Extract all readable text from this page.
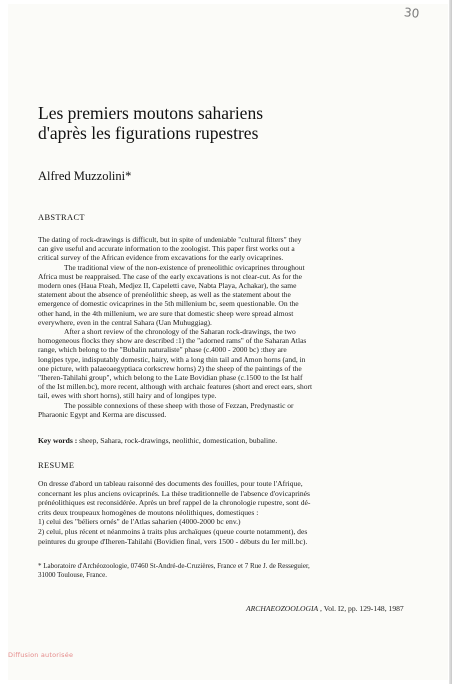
30
Les premiers moutons sahariens
d'après les figurations rupestres
Alfred Muzzolini*
ABSTRACT

The dating of rock-drawings is difficult, but in spite of undeniable "cultural filters" they
can give useful and accurate information to the zoologist. This paper first works out a
critical survey of the African evidence from excavations for the early ovicaprines.

The traditional view of the non-existence of preneolithic ovicaprines throughout
Africa must be reappraised. The case of the early excavations is not clear-cut. As for the
modern ones (Haua Fteah, Medjez II, Capeletti cave, Nabta Playa, Achakar), the same
statement about the absence of prenéolithic sheep, as well as the statement about the
emergence of domestic ovicaprines in the 5th millenium bc, seem questionable. On the
other hand, in the 4th millenium, we are sure that domestic sheep were spread almost
everywhere, even in the central Sahara (Uan Muhuggiag).

After a short review of the chronology of the Saharan rock-drawings, the two
homogeneous flocks they show are described :1) the "adorned rams" of the Saharan Atlas
range, which belong to the "Bubalin naturaliste" phase (c.4000 - 2000 bc) :they are
longipes type, indisputably domestic, hairy, with a long thin tail and Amon horns (and, in
one picture, with palaeoaegyptiaca corkscrew horns) 2) the sheep of the paintings of the
"Iheren-Tahilahi group", which belong to the Late Bovidian phase (c.1500 to the Ist half
of the Ist millen.bc), more recent, although with archaic features (short and erect ears, short
tail, ewes with short horns), still hairy and of longipes type.

The possible connexions of these sheep with those of Fezzan, Predynastic or
Pharaonic Egypt and Kerma are discussed.

Key words : sheep, Sahara, rock-drawings, neolithic, domestication, bubaline.
RESUME

On dresse d'abord un tableau raisonné des documents des fouilles, pour toute l'Afrique,
concernant les plus anciens ovicaprinés. La thèse traditionnelle de l'absence d'ovicaprinés
prénéolithiques est reconsidérée. Après un bref rappel de la chronologie rupestre, sont dé-
crits deux troupeaux homogènes de moutons néolithiques, domestiques :
1) celui des "béliers ornés" de l'Atlas saharien (4000-2000 bc env.)
2) celui, plus récent et néanmoins à traits plus archaïques (queue courte notamment), des
peintures du groupe d'Iheren-Tahilahi (Bovidien final, vers 1500 - débuts du Ier mill.bc).

* Laboratoire d'Archéozoologie, 07460 St-André-de-Cruzières, France et 7 Rue J. de Resseguier,
31000 Toulouse, France.
ARCHAEOZOOLOGIA , Vol. I2, pp. 129-148, 1987
Diffusion autorisée
